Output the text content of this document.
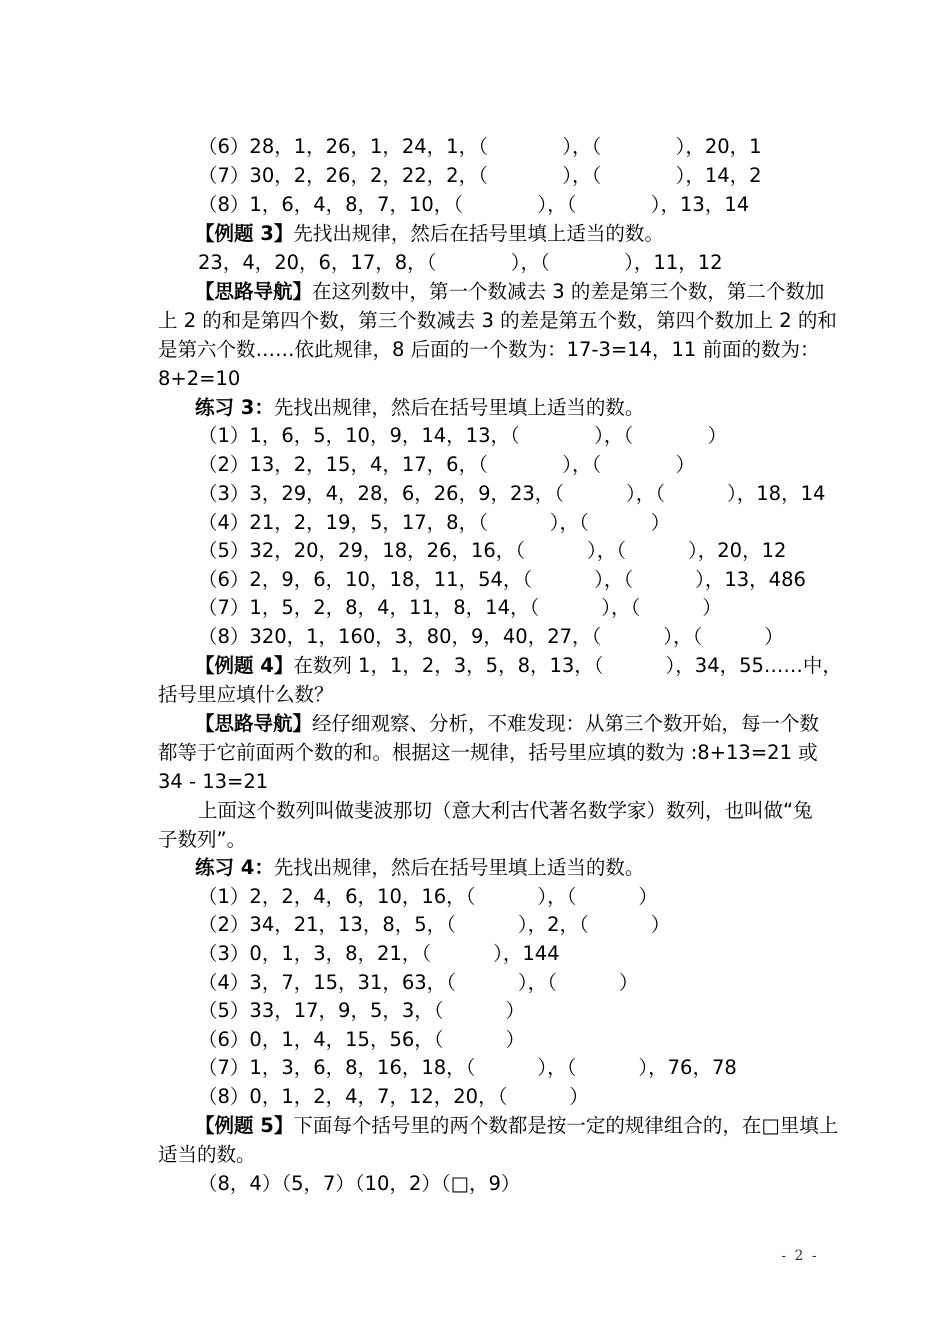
（6）28，1，26，1，24，1，（            ），（            ），20，1
（7）30，2，26，2，22，2，（            ），（            ），14，2
（8）1，6，4，8，7，10，（            ），（            ），13，14
【例题 3】先找出规律，然后在括号里填上适当的数。
23，4，20，6，17，8，（            ），（            ），11，12
【思路导航】在这列数中，第一个数减去 3 的差是第三个数，第二个数加
上 2 的和是第四个数，第三个数减去 3 的差是第五个数，第四个数加上 2 的和
是第六个数……依此规律，8 后面的一个数为：17-3=14，11 前面的数为：
8+2=10
练习 3：先找出规律，然后在括号里填上适当的数。
（1）1，6，5，10，9，14，13，（            ），（            ）
（2）13，2，15，4，17，6，（            ），（            ）
（3）3，29，4，28，6，26，9，23，（          ），（          ），18，14
（4）21，2，19，5，17，8，（          ），（          ）
（5）32，20，29，18，26，16，（          ），（          ），20，12
（6）2，9，6，10，18，11，54，（          ），（          ），13，486
（7）1，5，2，8，4，11，8，14，（          ），（          ）
（8）320，1，160，3，80，9，40，27，（          ），（          ）
【例题 4】在数列 1，1，2，3，5，8，13，（          ），34，55……中，
括号里应填什么数？
【思路导航】经仔细观察、分析，不难发现：从第三个数开始，每一个数
都等于它前面两个数的和。根据这一规律，括号里应填的数为 :8+13=21 或
34 - 13=21
上面这个数列叫做斐波那切（意大利古代著名数学家）数列，也叫做“兔
子数列”。
练习 4：先找出规律，然后在括号里填上适当的数。
（1）2，2，4，6，10，16，（          ），（          ）
（2）34，21，13，8，5，（          ），2，（          ）
（3）0，1，3，8，21，（          ），144
（4）3，7，15，31，63，（          ），（          ）
（5）33，17，9，5，3，（          ）
（6）0，1，4，15，56，（          ）
（7）1，3，6，8，16，18，（          ），（          ），76，78
（8）0，1，2，4，7，12，20，（          ）
【例题 5】下面每个括号里的两个数都是按一定的规律组合的，在□里填上
适当的数。
（8，4）（5，7）（10，2）（□，9）
- 2 -
